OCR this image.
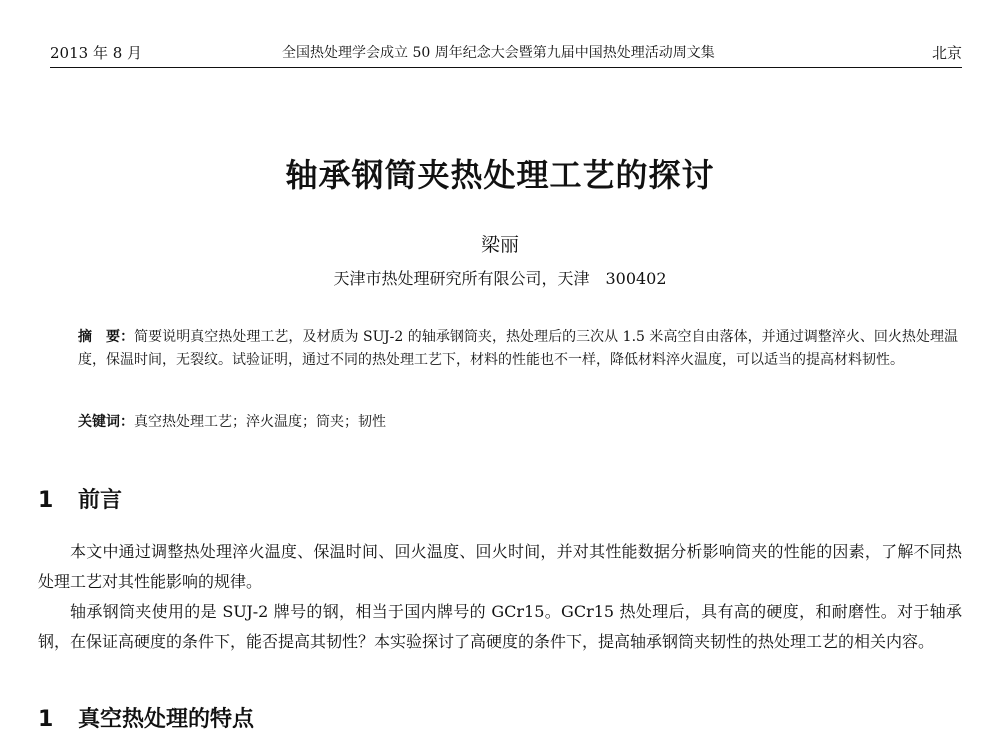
2013 年 8 月	全国热处理学会成立 50 周年纪念大会暨第九届中国热处理活动周文集	北京
轴承钢筒夹热处理工艺的探讨
梁丽
天津市热处理研究所有限公司，天津　300402
摘　要：简要说明真空热处理工艺，及材质为 SUJ-2 的轴承钢筒夹，热处理后的三次从 1.5 米高空自由落体，并通过调整淬火、回火热处理温度，保温时间，无裂纹。试验证明，通过不同的热处理工艺下，材料的性能也不一样，降低材料淬火温度，可以适当的提高材料韧性。
关键词：真空热处理工艺；淬火温度；筒夹；韧性
1 前言
本文中通过调整热处理淬火温度、保温时间、回火温度、回火时间，并对其性能数据分析影响筒夹的性能的因素，了解不同热处理工艺对其性能影响的规律。
轴承钢筒夹使用的是 SUJ-2 牌号的钢，相当于国内牌号的 GCr15。GCr15 热处理后，具有高的硬度，和耐磨性。对于轴承钢，在保证高硬度的条件下，能否提高其韧性？本实验探讨了高硬度的条件下，提高轴承钢筒夹韧性的热处理工艺的相关内容。
1 真空热处理的特点
